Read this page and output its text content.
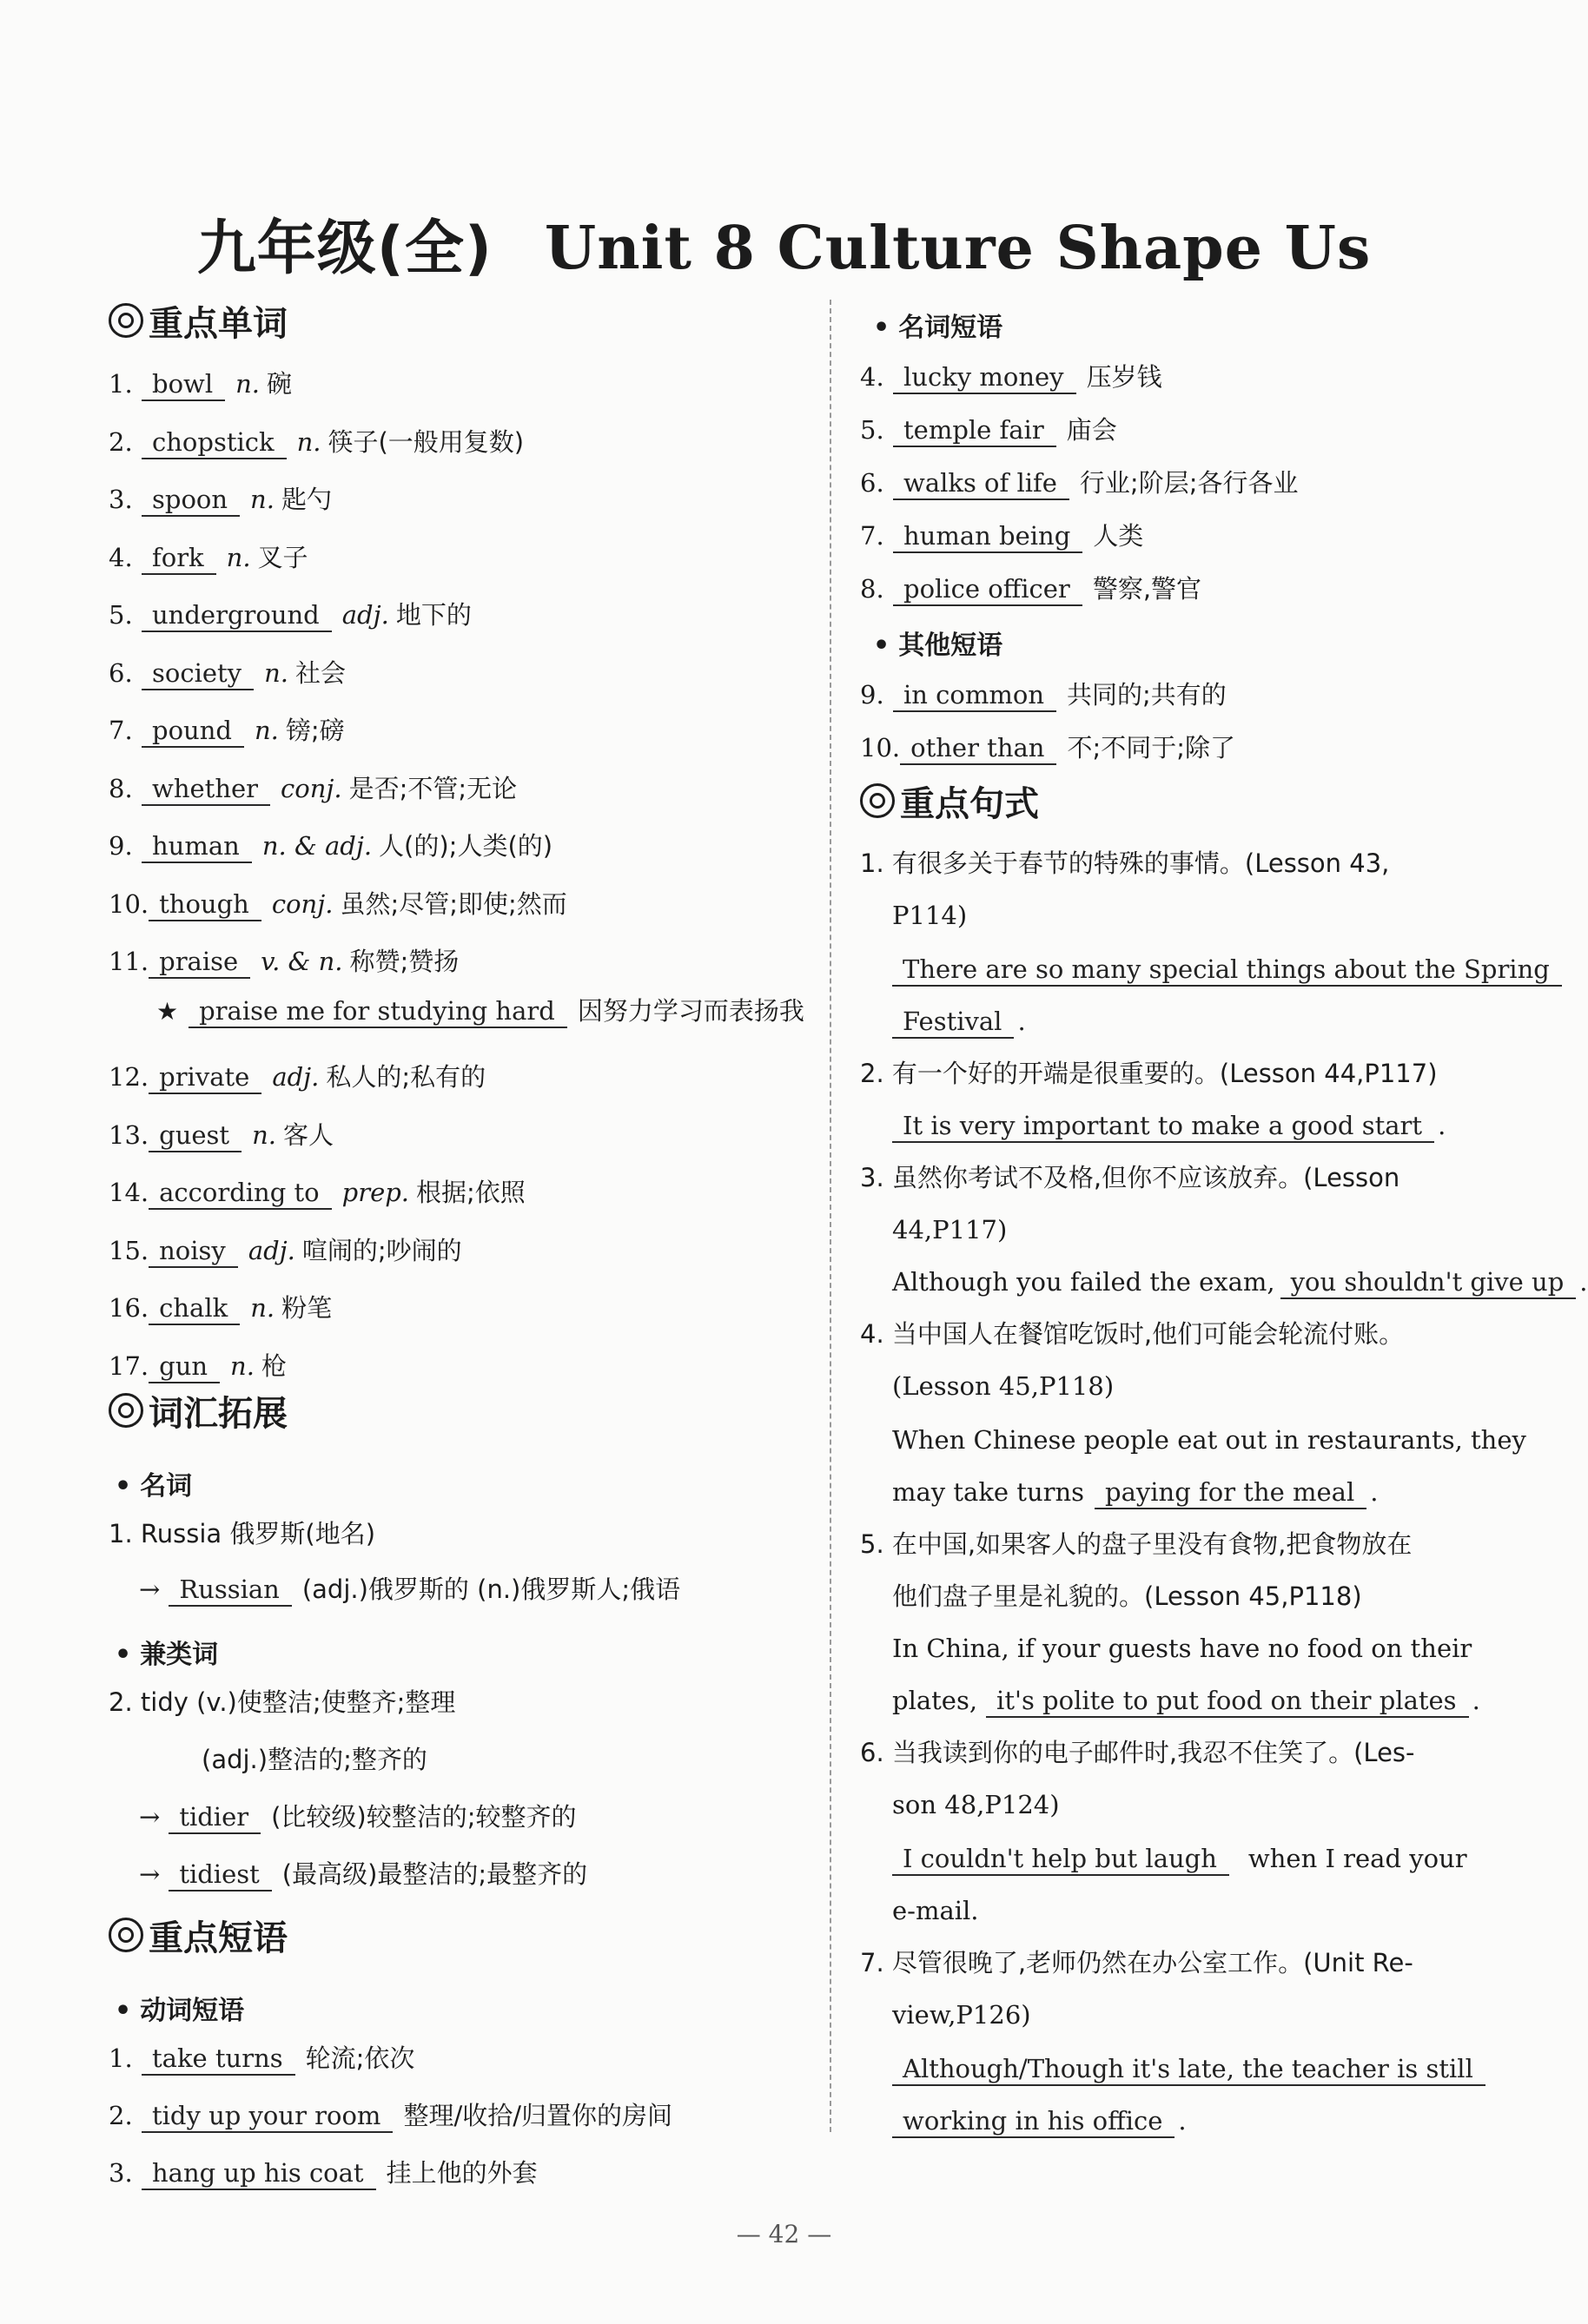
九年级(全) Unit 8 Culture Shape Us
重点单词
1. bowl n. 碗
2. chopstick n. 筷子(一般用复数)
3. spoon n. 匙勺
4. fork n. 叉子
5. underground adj. 地下的
6. society n. 社会
7. pound n. 镑;磅
8. whether conj. 是否;不管;无论
9. human n. & adj. 人(的);人类(的)
10. though conj. 虽然;尽管;即使;然而
11. praise v. & n. 称赞;赞扬
12. private adj. 私人的;私有的
13. guest n. 客人
14. according to prep. 根据;依照
15. noisy adj. 喧闹的;吵闹的
16. chalk n. 粉笔
17. gun n. 枪
★ praise me for studying hard 因努力学习而表扬我
词汇拓展
• 名词
1. Russia 俄罗斯(地名)
→ Russian (adj.)俄罗斯的 (n.)俄罗斯人;俄语
• 兼类词
2. tidy (v.)使整洁;使整齐;整理
(adj.)整洁的;整齐的
→ tidier (比较级)较整洁的;较整齐的
→ tidiest (最高级)最整洁的;最整齐的
重点短语
• 动词短语
1. take turns 轮流;依次
2. tidy up your room 整理/收拾/归置你的房间
3. hang up his coat 挂上他的外套
• 名词短语
4. lucky money 压岁钱
5. temple fair 庙会
6. walks of life 行业;阶层;各行各业
7. human being 人类
8. police officer 警察,警官
• 其他短语
9. in common 共同的;共有的
10. other than 不;不同于;除了
重点句式
1. 有很多关于春节的特殊的事情。(Lesson 43,
P114)
There are so many special things about the Spring
Festival .
2. 有一个好的开端是很重要的。(Lesson 44,P117)
It is very important to make a good start .
3. 虽然你考试不及格,但你不应该放弃。(Lesson
44,P117)
Although you failed the exam, you shouldn't give up .
4. 当中国人在餐馆吃饭时,他们可能会轮流付账。
(Lesson 45,P118)
When Chinese people eat out in restaurants, they
may take turns paying for the meal .
5. 在中国,如果客人的盘子里没有食物,把食物放在
他们盘子里是礼貌的。(Lesson 45,P118)
In China, if your guests have no food on their
plates, it's polite to put food on their plates .
6. 当我读到你的电子邮件时,我忍不住笑了。(Les-
son 48,P124)
I couldn't help but laugh when I read your
e-mail.
7. 尽管很晚了,老师仍然在办公室工作。(Unit Re-
view,P126)
Although/Though it's late, the teacher is still
working in his office .
— 42 —
